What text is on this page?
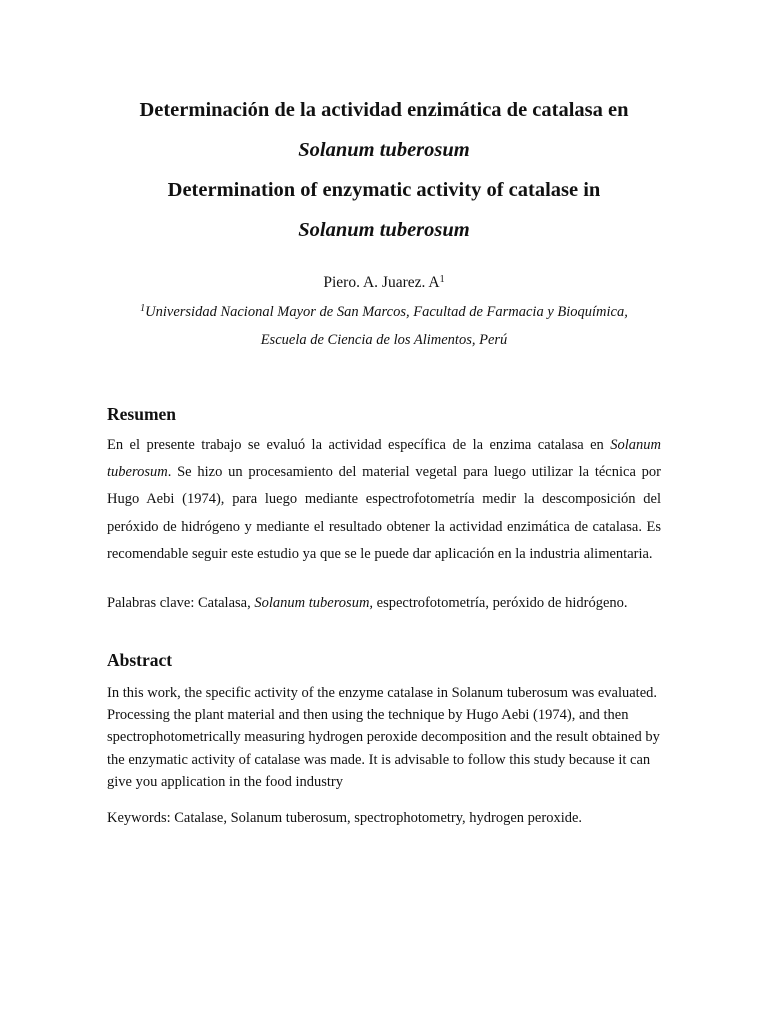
Determinación de la actividad enzimática de catalasa en

Solanum tuberosum

Determination of enzymatic activity of catalase in

Solanum tuberosum

Piero. A. Juarez. $A^1$
$^1$Universidad Nacional Mayor de San Marcos, Facultad de Farmacia y Bioquímica,
Escuela de Ciencia de los Alimentos, Perú
Resumen

En el presente trabajo se evaluó la actividad específica de la enzima catalasa en Solanum tuberosum. Se hizo un procesamiento del material vegetal para luego utilizar la técnica por Hugo Aebi (1974), para luego mediante espectrofotometría medir la descomposición del peróxido de hidrógeno y mediante el resultado obtener la actividad enzimática de catalasa. Es recomendable seguir este estudio ya que se le puede dar aplicación en la industria alimentaria.

Palabras clave: Catalasa, Solanum tuberosum, espectrofotometría, peróxido de hidrógeno.
Abstract

In this work, the specific activity of the enzyme catalase in Solanum tuberosum was evaluated. Processing the plant material and then using the technique by Hugo Aebi (1974), and then spectrophotometrically measuring hydrogen peroxide decomposition and the result obtained by the enzymatic activity of catalase was made. It is advisable to follow this study because it can give you application in the food industry

Keywords: Catalase, Solanum tuberosum, spectrophotometry, hydrogen peroxide.
